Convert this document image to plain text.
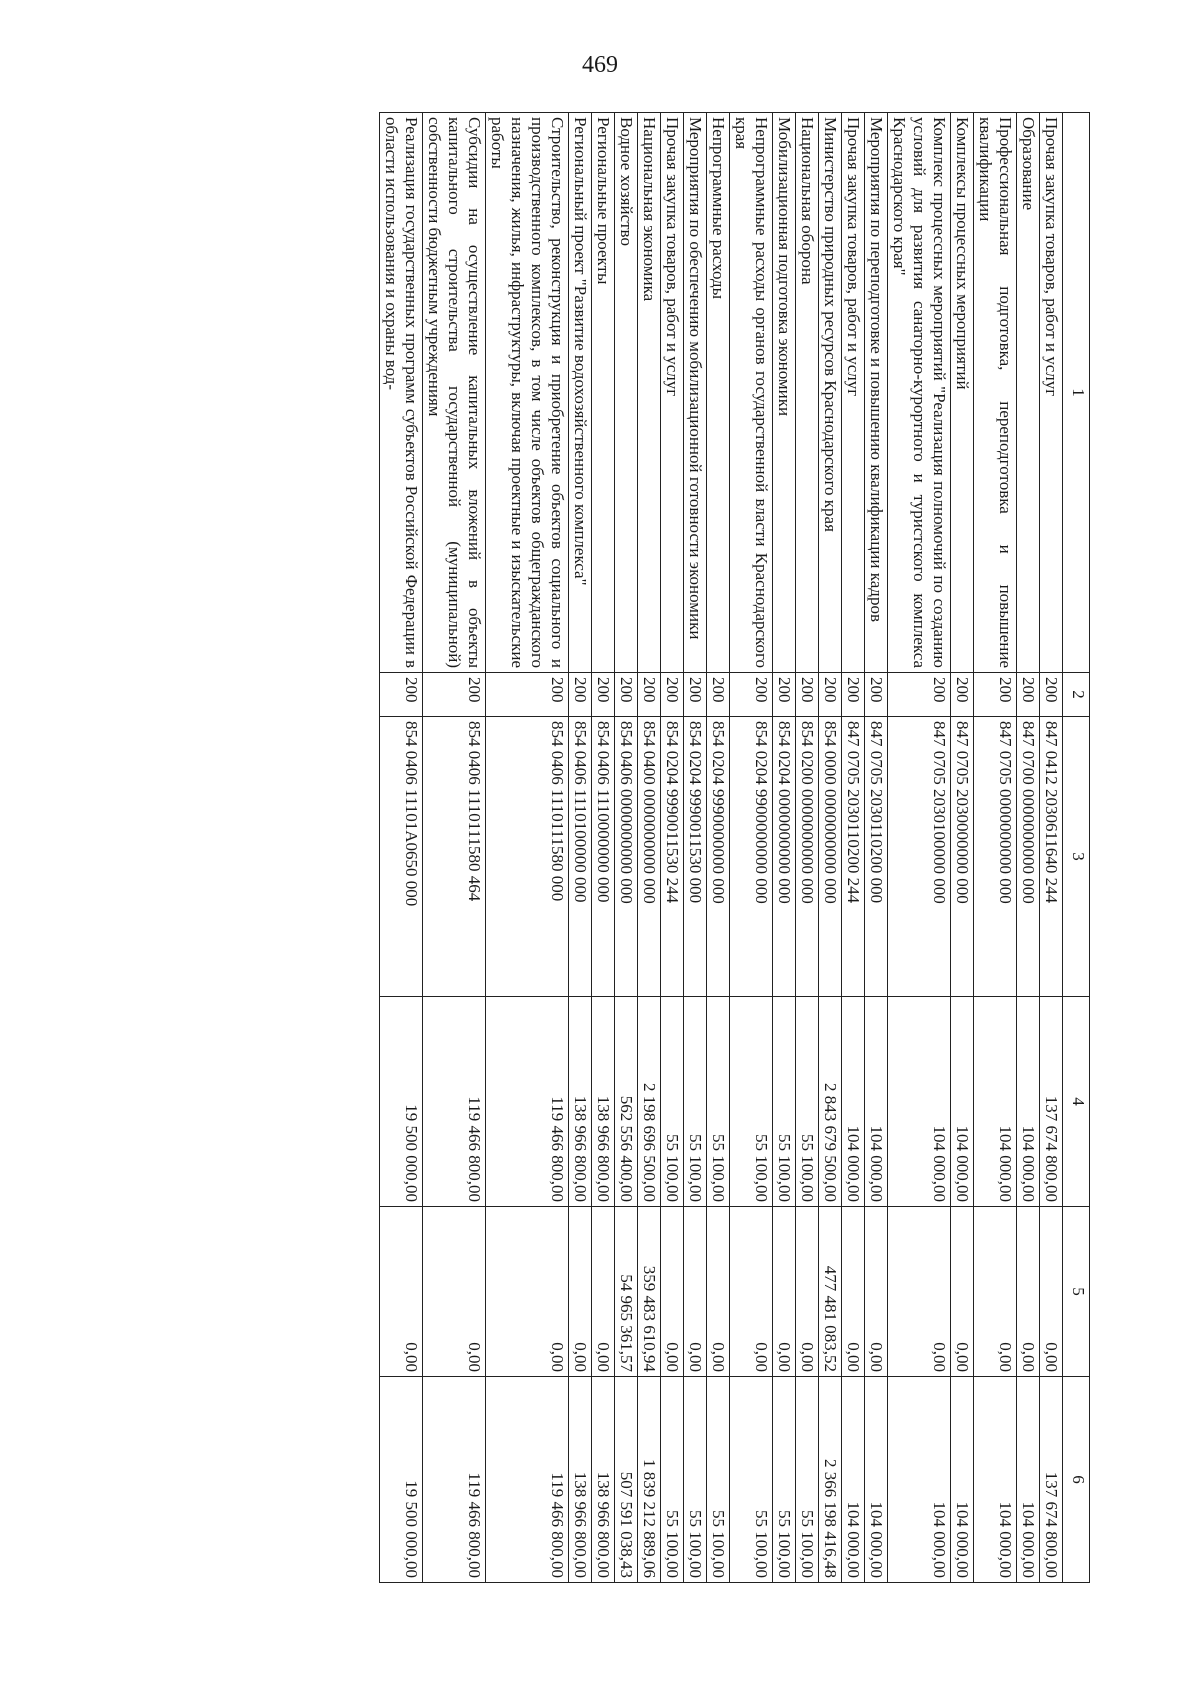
469
1	2	3	4	5	6
Прочая закупка товаров, работ и услуг	200	847 0412 2030611640 244	137 674 800,00	0,00	137 674 800,00
Образование	200	847 0700 0000000000 000	104 000,00	0,00	104 000,00
Профессиональная подготовка, переподготовка и повышение квалификации	200	847 0705 0000000000 000	104 000,00	0,00	104 000,00
Комплексы процессных мероприятий	200	847 0705 2030000000 000	104 000,00	0,00	104 000,00
Комплекс процессных мероприятий "Реализация полномочий по созданию условий для развития санаторно-курортного и туристского комплекса Краснодарского края"	200	847 0705 2030100000 000	104 000,00	0,00	104 000,00
Мероприятия по переподготовке и повышению квалификации кадров	200	847 0705 2030110200 000	104 000,00	0,00	104 000,00
Прочая закупка товаров, работ и услуг	200	847 0705 2030110200 244	104 000,00	0,00	104 000,00
Министерство природных ресурсов Краснодарского края	200	854 0000 0000000000 000	2 843 679 500,00	477 481 083,52	2 366 198 416,48
Национальная оборона	200	854 0200 0000000000 000	55 100,00	0,00	55 100,00
Мобилизационная подготовка экономики	200	854 0204 0000000000 000	55 100,00	0,00	55 100,00
Непрограммные расходы органов государственной власти Краснодарского края	200	854 0204 9900000000 000	55 100,00	0,00	55 100,00
Непрограммные расходы	200	854 0204 9990000000 000	55 100,00	0,00	55 100,00
Мероприятия по обеспечению мобилизационной готовности экономики	200	854 0204 9990011530 000	55 100,00	0,00	55 100,00
Прочая закупка товаров, работ и услуг	200	854 0204 9990011530 244	55 100,00	0,00	55 100,00
Национальная экономика	200	854 0400 0000000000 000	2 198 696 500,00	359 483 610,94	1 839 212 889,06
Водное хозяйство	200	854 0406 0000000000 000	562 556 400,00	54 965 361,57	507 591 038,43
Региональные проекты	200	854 0406 1110000000 000	138 966 800,00	0,00	138 966 800,00
Региональный проект "Развитие водохозяйственного комплекса"	200	854 0406 1110100000 000	138 966 800,00	0,00	138 966 800,00
Строительство, реконструкция и приобретение объектов социального и производственного комплексов, в том числе объектов общегражданского назначения, жилья, инфраструктуры, включая проектные и изыскательские работы	200	854 0406 1110111580 000	119 466 800,00	0,00	119 466 800,00
Субсидии на осуществление капитальных вложений в объекты капитального строительства государственной (муниципальной) собственности бюджетным учреждениям	200	854 0406 1110111580 464	119 466 800,00	0,00	119 466 800,00
Реализация государственных программ субъектов Российской Федерации в области использования и охраны вод-	200	854 0406 11101A0650 000	19 500 000,00	0,00	19 500 000,00
